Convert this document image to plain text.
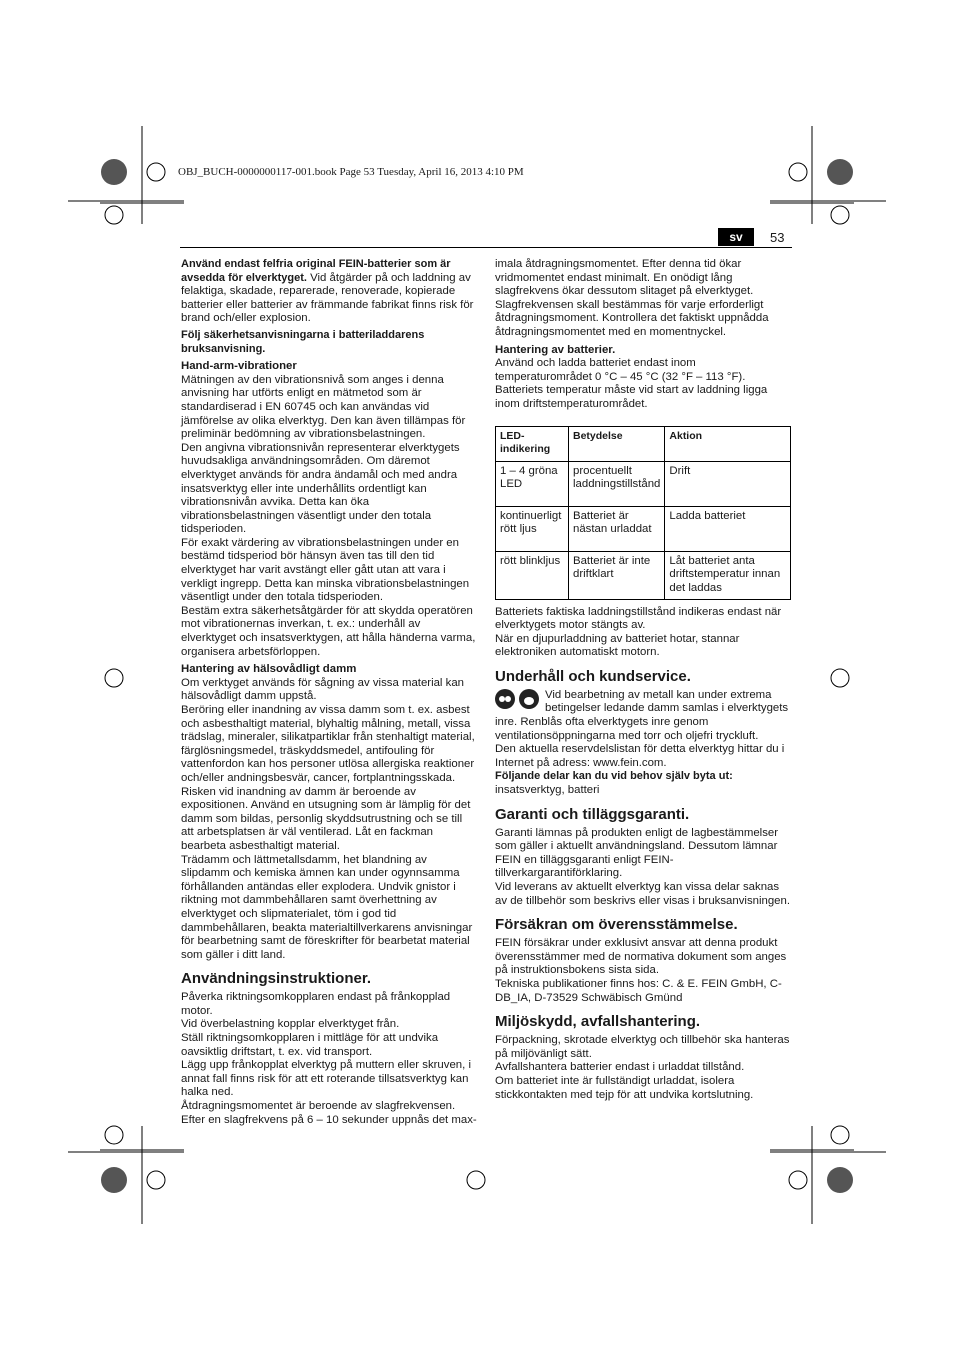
OBJ_BUCH-0000000117-001.book Page 53 Tuesday, April 16, 2013 4:10 PM
sv	53

Använd endast felfria original FEIN-batterier som är avsedda för elverktyget. Vid åtgärder på och laddning av felaktiga, skadade, reparerade, renoverade, kopierade batterier eller batterier av främmande fabrikat finns risk för brand och/eller explosion.

Följ säkerhetsanvisningarna i batteriladdarens bruksanvisning.

Hand-arm-vibrationer

Mätningen av den vibrationsnivå som anges i denna anvisning har utförts enligt en mätmetod som är standardiserad i EN 60745 och kan användas vid jämförelse av olika elverktyg. Den kan även tillämpas för preliminär bedömning av vibrationsbelastningen.

Den angivna vibrationsnivån representerar elverktygets huvudsakliga användningsområden. Om däremot elverktyget används för andra ändamål och med andra insatsverktyg eller inte underhållits ordentligt kan vibrationsnivån avvika. Detta kan öka vibrationsbelastningen väsentligt under den totala tidsperioden.

För exakt värdering av vibrationsbelastningen under en bestämd tidsperiod bör hänsyn även tas till den tid elverktyget har varit avstängt eller gått utan att vara i verkligt ingrepp. Detta kan minska vibrationsbelastningen väsentligt under den totala tidsperioden.

Bestäm extra säkerhetsåtgärder för att skydda operatören mot vibrationernas inverkan, t. ex.: underhåll av elverktyget och insatsverktygen, att hålla händerna varma, organisera arbetsförloppen.

Hantering av hälsovådligt damm

Om verktyget används för sågning av vissa material kan hälsovådligt damm uppstå.

Beröring eller inandning av vissa damm som t. ex. asbest och asbesthaltigt material, blyhaltig målning, metall, vissa trädslag, mineraler, silikatpartiklar från stenhaltigt material, färglösningsmedel, träskyddsmedel, antifouling för vattenfordon kan hos personer utlösa allergiska reaktioner och/eller andningsbesvär, cancer, fortplantningsskada. Risken vid inandning av damm är beroende av expositionen. Använd en utsugning som är lämplig för det damm som bildas, personlig skyddsutrustning och se till att arbetsplatsen är väl ventilerad. Låt en fackman bearbeta asbesthaltigt material.

Trädamm och lättmetallsdamm, het blandning av slipdamm och kemiska ämnen kan under ogynnsamma förhållanden antändas eller explodera. Undvik gnistor i riktning mot dammbehållaren samt överhettning av elverktyget och slipmaterialet, töm i god tid dammbehållaren, beakta materialtillverkarens anvisningar för bearbetning samt de föreskrifter för bearbetat material som gäller i ditt land.

Användningsinstruktioner.

Påverka riktningsomkopplaren endast på frånkopplad motor.

Vid överbelastning kopplar elverktyget från.

Ställ riktningsomkopplaren i mittläge för att undvika oavsiktlig driftstart, t. ex. vid transport.

Lägg upp frånkopplat elverktyg på muttern eller skruven, i annat fall finns risk för att ett roterande tillsatsverktyg kan halka ned.

Åtdragningsmomentet är beroende av slagfrekvensen. Efter en slagfrekvens på 6 – 10 sekunder uppnås det max-

imala åtdragningsmomentet. Efter denna tid ökar vridmomentet endast minimalt. En onödigt lång slagfrekvens ökar dessutom slitaget på elverktyget.

Slagfrekvensen skall bestämmas för varje erforderligt åtdragningsmoment. Kontrollera det faktiskt uppnådda åtdragningsmomentet med en momentnyckel.

Hantering av batterier.

Använd och ladda batteriet endast inom temperaturområdet 0 °C – 45 °C (32 °F – 113 °F). Batteriets temperatur måste vid start av laddning ligga inom driftstemperaturområdet.

LED-indikering	Betydelse	Aktion
1 – 4 gröna LED	procentuellt laddningstillstånd	Drift
kontinuerligt rött ljus	Batteriet är nästan urladdat	Ladda batteriet
rött blinkljus	Batteriet är inte driftklart	Låt batteriet anta driftstemperatur innan det laddas

Batteriets faktiska laddningstillstånd indikeras endast när elverktygets motor stängts av.

När en djupurladdning av batteriet hotar, stannar elektroniken automatiskt motorn.

Underhåll och kundservice.

Vid bearbetning av metall kan under extrema betingelser ledande damm samlas i elverktygets inre. Renblås ofta elverktygets inre genom ventilationsöppningarna med torr och oljefri tryckluft.

Den aktuella reservdelslistan för detta elverktyg hittar du i Internet på adress: www.fein.com.

Följande delar kan du vid behov själv byta ut:

insatsverktyg, batteri

Garanti och tilläggsgaranti.

Garanti lämnas på produkten enligt de lagbestämmelser som gäller i aktuellt användningsland. Dessutom lämnar FEIN en tilläggsgaranti enligt FEIN-tillverkargarantiförklaring.

Vid leverans av aktuellt elverktyg kan vissa delar saknas av de tillbehör som beskrivs eller visas i bruksanvisningen.

Försäkran om överensstämmelse.

FEIN försäkrar under exklusivt ansvar att denna produkt överensstämmer med de normativa dokument som anges på instruktionsbokens sista sida.

Tekniska publikationer finns hos: C. & E. FEIN GmbH, C-DB_IA, D-73529 Schwäbisch Gmünd

Miljöskydd, avfallshantering.

Förpackning, skrotade elverktyg och tillbehör ska hanteras på miljövänligt sätt.

Avfallshantera batterier endast i urladdat tillstånd.

Om batteriet inte är fullständigt urladdat, isolera stickkontakten med tejp för att undvika kortslutning.
